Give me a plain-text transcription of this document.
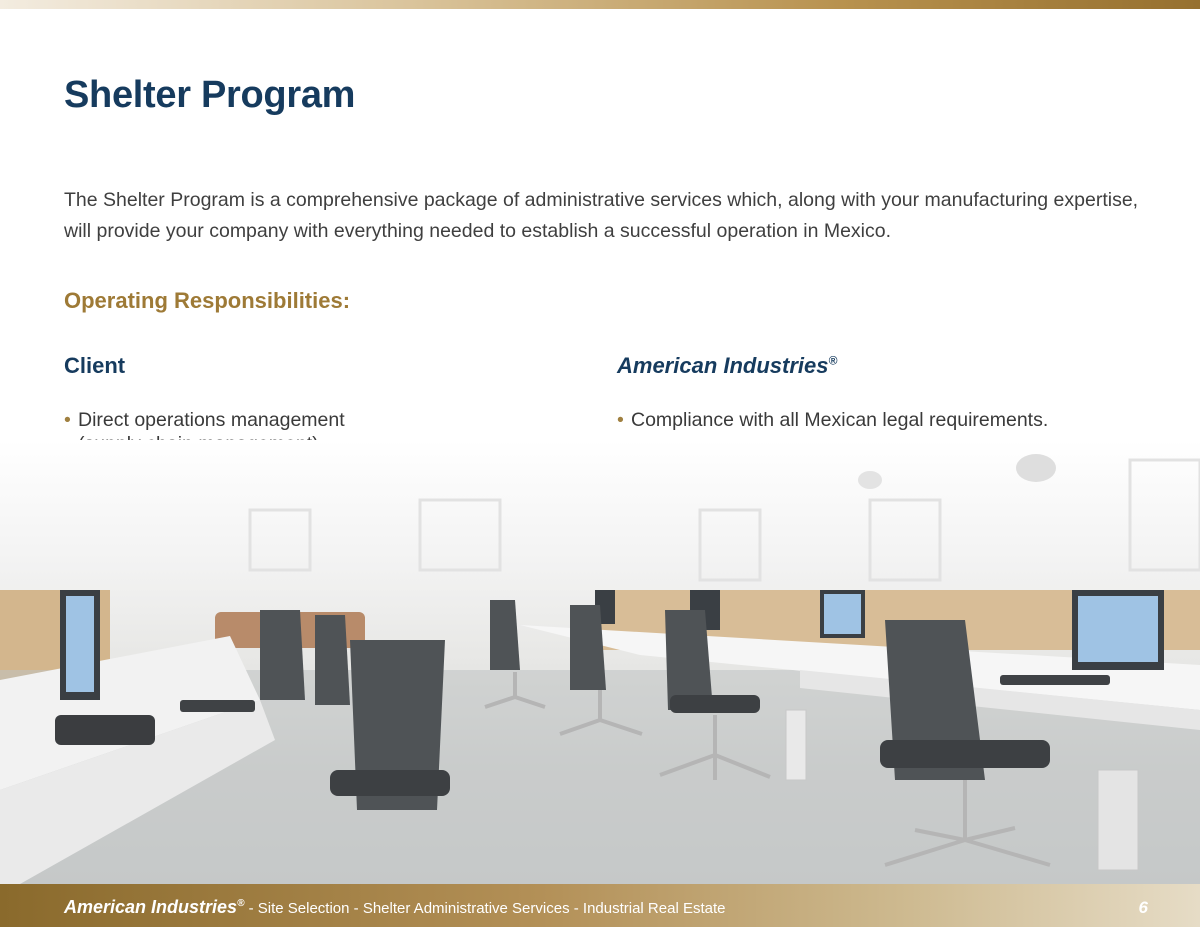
Shelter Program

The Shelter Program is a comprehensive package of administrative services which, along with your manufacturing expertise, will provide your company with everything needed to establish a successful operation in Mexico.

Operating Responsibilities:
Client	American Industries®
• Direct operations management	• Compliance with all Mexican legal requirements.
American Industries® - Site Selection - Shelter Administrative Services - Industrial Real Estate	6
